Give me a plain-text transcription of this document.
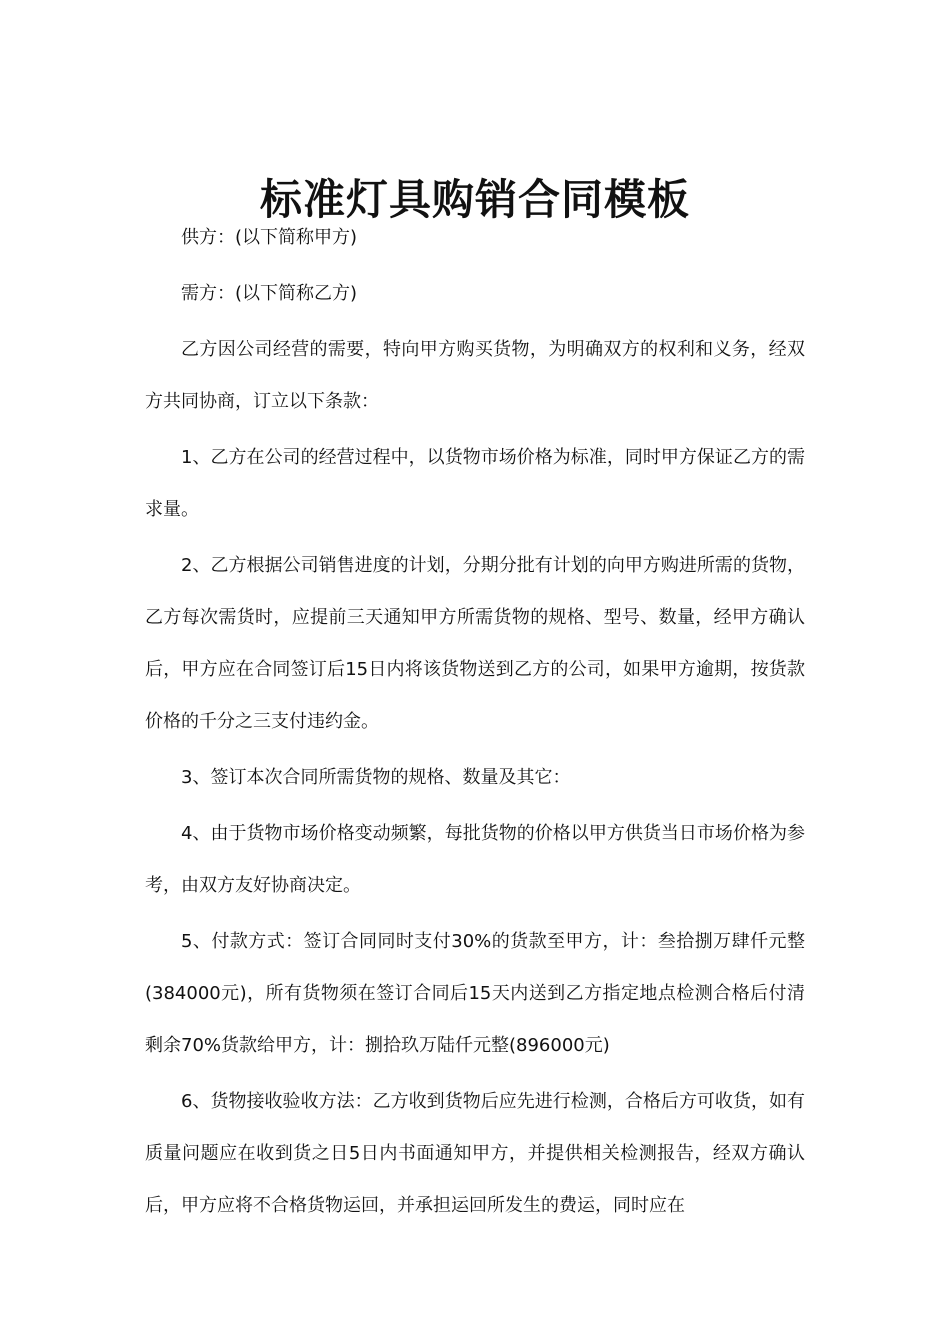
标准灯具购销合同模板

供方：(以下简称甲方)

需方：(以下简称乙方)

乙方因公司经营的需要，特向甲方购买货物，为明确双方的权利和义务，经双方共同协商，订立以下条款：

1、乙方在公司的经营过程中，以货物市场价格为标准，同时甲方保证乙方的需求量。

2、乙方根据公司销售进度的计划，分期分批有计划的向甲方购进所需的货物，乙方每次需货时，应提前三天通知甲方所需货物的规格、型号、数量，经甲方确认后，甲方应在合同签订后15日内将该货物送到乙方的公司，如果甲方逾期，按货款价格的千分之三支付违约金。

3、签订本次合同所需货物的规格、数量及其它：

4、由于货物市场价格变动频繁，每批货物的价格以甲方供货当日市场价格为参考，由双方友好协商决定。

5、付款方式：签订合同同时支付30%的货款至甲方，计：叁拾捌万肆仟元整(384000元)，所有货物须在签订合同后15天内送到乙方指定地点检测合格后付清剩余70%货款给甲方，计：捌拾玖万陆仟元整(896000元)

6、货物接收验收方法：乙方收到货物后应先进行检测，合格后方可收货，如有质量问题应在收到货之日5日内书面通知甲方，并提供相关检测报告，经双方确认后，甲方应将不合格货物运回，并承担运回所发生的费运，同时应在
